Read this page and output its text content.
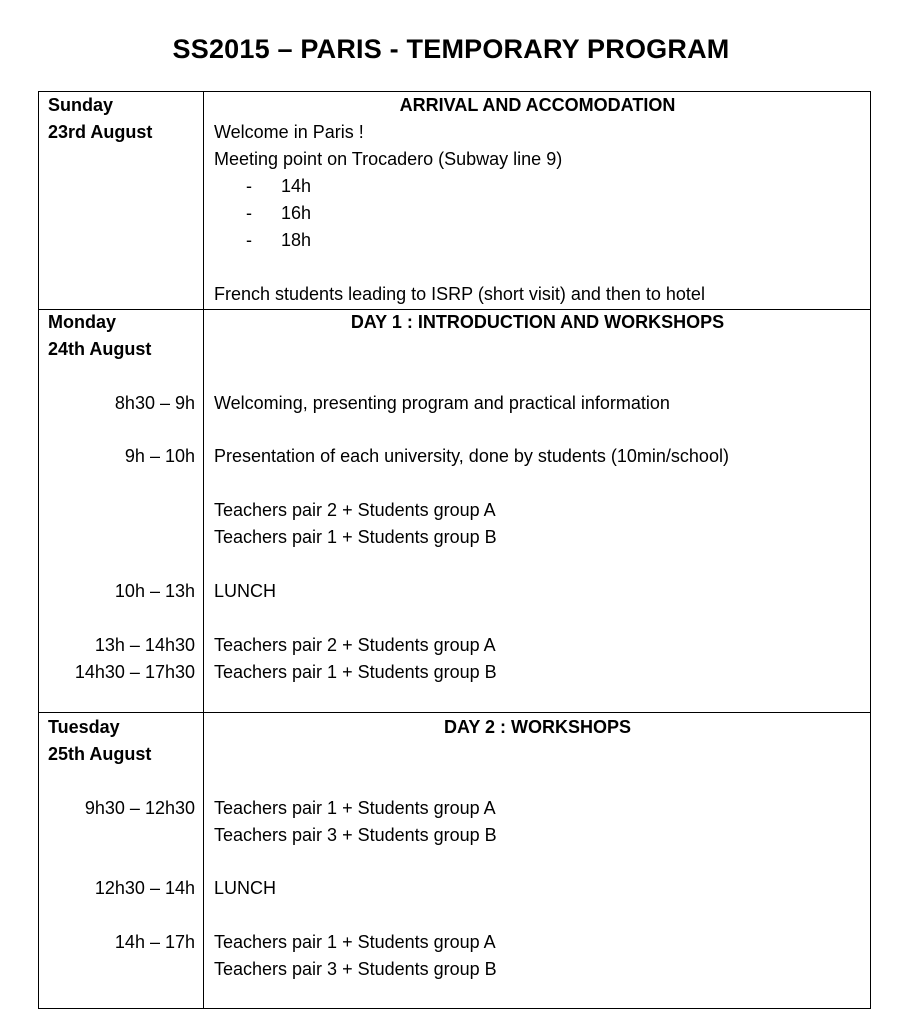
SS2015 – PARIS - TEMPORARY PROGRAM
Sunday
23rd August
ARRIVAL AND ACCOMODATION
Welcome in Paris !
Meeting point on Trocadero (Subway line 9)
- 14h
- 16h
- 18h
French students leading to ISRP (short visit) and then to hotel
Monday
24th August
DAY 1 : INTRODUCTION AND WORKSHOPS
8h30 – 9h Welcoming, presenting program and practical information
9h – 10h Presentation of each university, done by students (10min/school)
Teachers pair 2 + Students group A
Teachers pair 1 + Students group B
10h – 13h LUNCH
13h – 14h30 Teachers pair 2 + Students group A
14h30 – 17h30 Teachers pair 1 + Students group B
Tuesday
25th August
DAY 2 : WORKSHOPS
9h30 – 12h30 Teachers pair 1 + Students group A
Teachers pair 3 + Students group B
12h30 – 14h LUNCH
14h – 17h Teachers pair 1 + Students group A
Teachers pair 3 + Students group B
